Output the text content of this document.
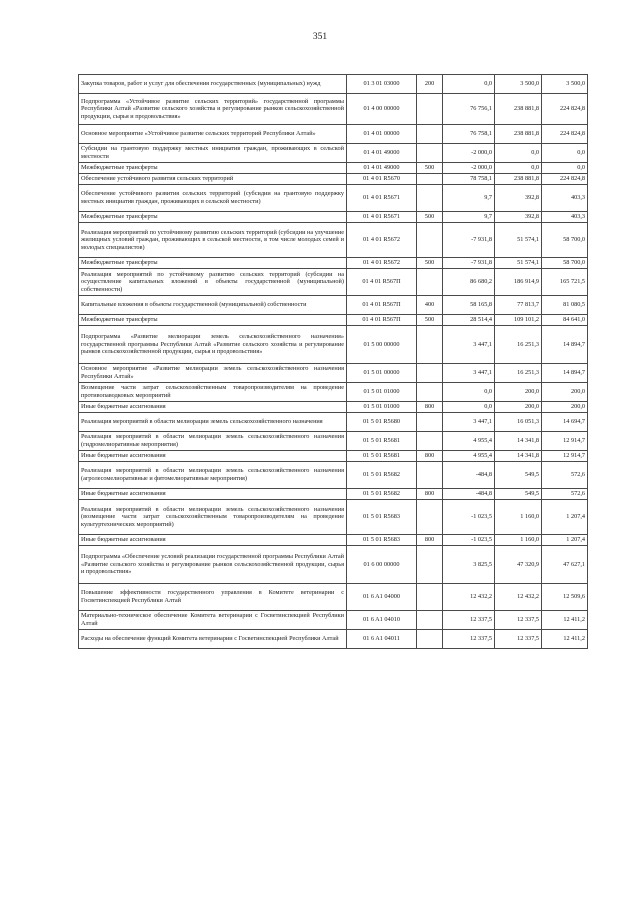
351
Закупка товаров, работ и услуг для обеспечения государственных (муниципальных) нужд	01 3 01 03000	200	0,0	3 500,0	3 500,0
Подпрограмма «Устойчивое развитие сельских территорий» государственной программы Республики Алтай «Развитие сельского хозяйства и регулирование рынков сельскохозяйственной продукции, сырья и продовольствия»	01 4 00 00000		76 756,1	238 881,8	224 824,8
Основное мероприятие «Устойчивое развитие сельских территорий Республики Алтай»	01 4 01 00000		76 758,1	238 881,8	224 824,8
Субсидии на грантовую поддержку местных инициатив граждан, проживающих в сельской местности	01 4 01 49000		-2 000,0	0,0	0,0
Межбюджетные трансферты	01 4 01 49000	500	-2 000,0	0,0	0,0
Обеспечение устойчивого развития сельских территорий	01 4 01 R5670		78 758,1	238 881,8	224 824,8
Обеспечение устойчивого развития сельских территорий (субсидии на грантовую поддержку местных инициатив граждан, проживающих в сельской местности)	01 4 01 R5671		9,7	392,8	403,3
Межбюджетные трансферты	01 4 01 R5671	500	9,7	392,8	403,3
Реализация мероприятий по устойчивому развитию сельских территорий (субсидии на улучшение жилищных условий граждан, проживающих в сельской местности, в том числе молодых семей и молодых специалистов)	01 4 01 R5672		-7 931,8	51 574,1	58 700,0
Межбюджетные трансферты	01 4 01 R5672	500	-7 931,8	51 574,1	58 700,0
Реализация мероприятий по устойчивому развитию сельских территорий (субсидии на осуществление капитальных вложений в объекты государственной (муниципальной) собственности)	01 4 01 R567П		86 680,2	186 914,9	165 721,5
Капитальные вложения в объекты государственной (муниципальной) собственности	01 4 01 R567П	400	58 165,8	77 813,7	81 080,5
Межбюджетные трансферты	01 4 01 R567П	500	28 514,4	109 101,2	84 641,0
Подпрограмма «Развитие мелиорации земель сельскохозяйственного назначения» государственной программы Республики Алтай «Развитие сельского хозяйства и регулирование рынков сельскохозяйственной продукции, сырья и продовольствия»	01 5 00 00000		3 447,1	16 251,3	14 894,7
Основное мероприятие «Развитие мелиорации земель сельскохозяйственного назначения Республики Алтай»	01 5 01 00000		3 447,1	16 251,3	14 894,7
Возмещение части затрат сельскохозяйственным товаропроизводителям на проведение противопаводковых мероприятий	01 5 01 01000		0,0	200,0	200,0
Иные бюджетные ассигнования	01 5 01 01000	800	0,0	200,0	200,0
Реализация мероприятий в области мелиорации земель сельскохозяйственного назначения	01 5 01 R5680		3 447,1	16 051,3	14 694,7
Реализация мероприятий в области мелиорации земель сельскохозяйственного назначения (гидромелиоративные мероприятия)	01 5 01 R5681		4 955,4	14 341,8	12 914,7
Иные бюджетные ассигнования	01 5 01 R5681	800	4 955,4	14 341,8	12 914,7
Реализация мероприятий в области мелиорации земель сельскохозяйственного назначения (агролесомелиоративные и фитомелиоративные мероприятия)	01 5 01 R5682		-484,8	549,5	572,6
Иные бюджетные ассигнования	01 5 01 R5682	800	-484,8	549,5	572,6
Реализация мероприятий в области мелиорации земель сельскохозяйственного назначения (возмещение части затрат сельскохозяйственным товаропроизводителям на проведение культуртехнических мероприятий)	01 5 01 R5683		-1 023,5	1 160,0	1 207,4
Иные бюджетные ассигнования	01 5 01 R5683	800	-1 023,5	1 160,0	1 207,4
Подпрограмма «Обеспечение условий реализации государственной программы Республики Алтай «Развитие сельского хозяйства и регулирование рынков сельскохозяйственной продукции, сырья и продовольствия»	01 6 00 00000		3 825,5	47 320,9	47 627,1
Повышение эффективности государственного управления в Комитете ветеринарии с Госветинспекцией Республики Алтай	01 6 A1 04000		12 432,2	12 432,2	12 509,6
Материально-техническое обеспечение Комитета ветеринарии с Госветинспекцией Республики Алтай	01 6 A1 04010		12 337,5	12 337,5	12 411,2
Расходы на обеспечение функций Комитета ветеринарии с Госветинспекцией Республики Алтай	01 6 A1 04011		12 337,5	12 337,5	12 411,2
